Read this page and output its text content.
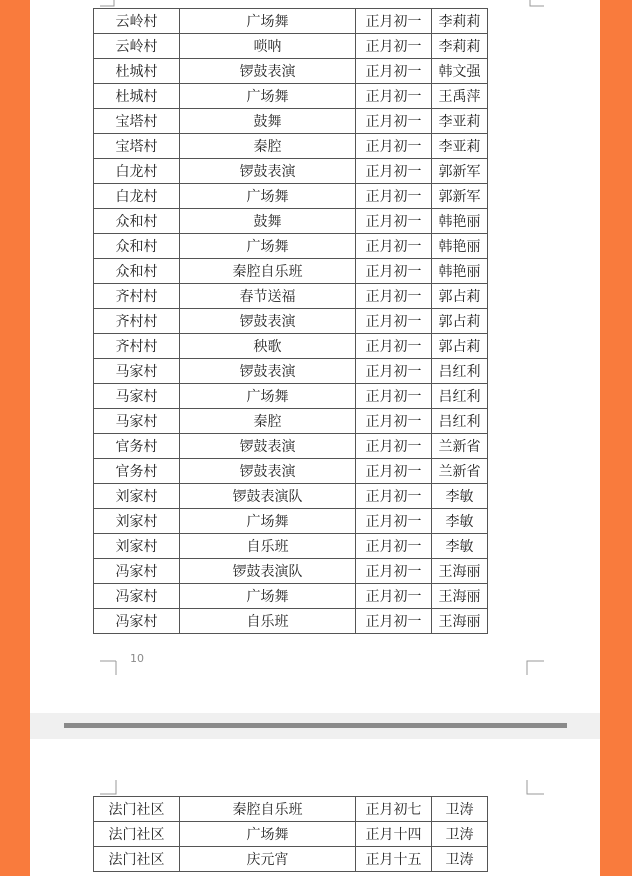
10
云岭村	广场舞	正月初一	李莉莉
云岭村	唢呐	正月初一	李莉莉
杜城村	锣鼓表演	正月初一	韩文强
杜城村	广场舞	正月初一	王禹萍
宝塔村	鼓舞	正月初一	李亚莉
宝塔村	秦腔	正月初一	李亚莉
白龙村	锣鼓表演	正月初一	郭新军
白龙村	广场舞	正月初一	郭新军
众和村	鼓舞	正月初一	韩艳丽
众和村	广场舞	正月初一	韩艳丽
众和村	秦腔自乐班	正月初一	韩艳丽
齐村村	春节送福	正月初一	郭占莉
齐村村	锣鼓表演	正月初一	郭占莉
齐村村	秧歌	正月初一	郭占莉
马家村	锣鼓表演	正月初一	吕红利
马家村	广场舞	正月初一	吕红利
马家村	秦腔	正月初一	吕红利
官务村	锣鼓表演	正月初一	兰新省
官务村	锣鼓表演	正月初一	兰新省
刘家村	锣鼓表演队	正月初一	李敏
刘家村	广场舞	正月初一	李敏
刘家村	自乐班	正月初一	李敏
冯家村	锣鼓表演队	正月初一	王海丽
冯家村	广场舞	正月初一	王海丽
冯家村	自乐班	正月初一	王海丽
法门社区	秦腔自乐班	正月初七	卫涛
法门社区	广场舞	正月十四	卫涛
法门社区	庆元宵	正月十五	卫涛
